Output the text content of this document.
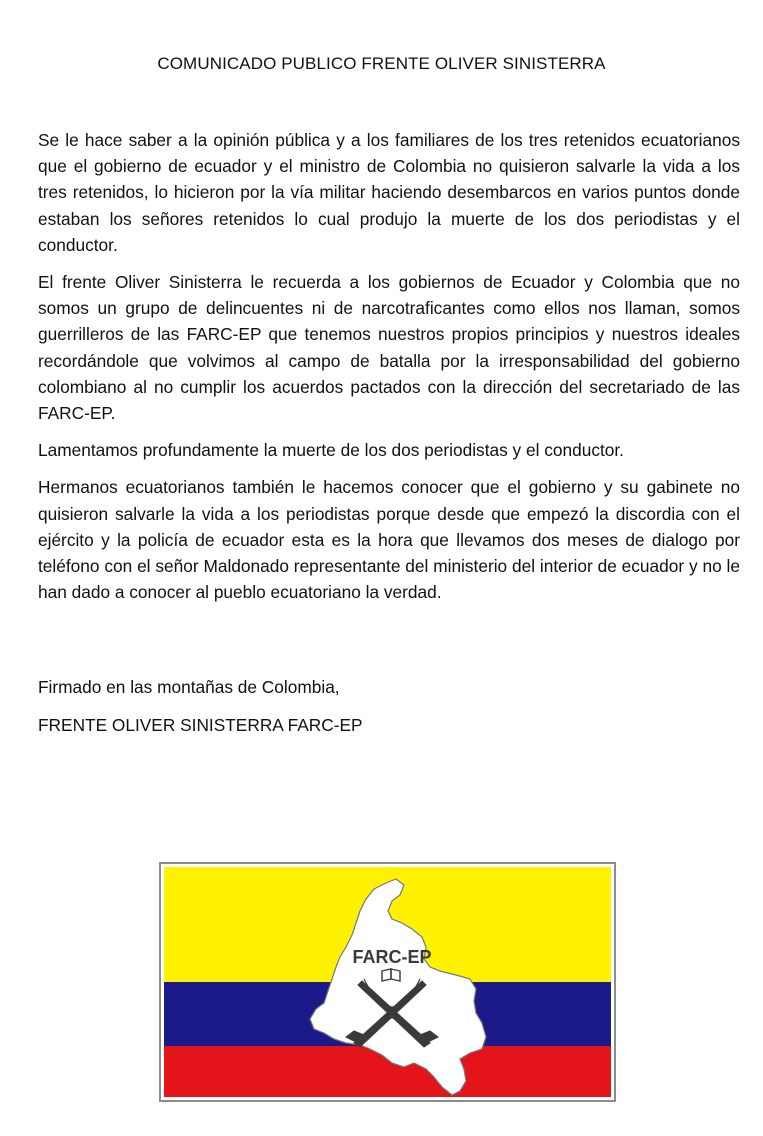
COMUNICADO PUBLICO FRENTE OLIVER SINISTERRA

Se le hace saber a la opinión pública y a los familiares de los tres retenidos ecuatorianos que el gobierno de ecuador y el ministro de Colombia no quisieron salvarle la vida a los tres retenidos, lo hicieron por la vía militar haciendo desembarcos en varios puntos donde estaban los señores retenidos lo cual produjo la muerte de los dos periodistas y el conductor.

El frente Oliver Sinisterra le recuerda a los gobiernos de Ecuador y Colombia que no somos un grupo de delincuentes ni de narcotraficantes como ellos nos llaman, somos guerrilleros de las FARC-EP que tenemos nuestros propios principios y nuestros ideales recordándole que volvimos al campo de batalla por la irresponsabilidad del gobierno colombiano al no cumplir los acuerdos pactados con la dirección del secretariado de las FARC-EP.

Lamentamos profundamente la muerte de los dos periodistas y el conductor.

Hermanos ecuatorianos también le hacemos conocer que el gobierno y su gabinete no quisieron salvarle la vida a los periodistas porque desde que empezó la discordia con el ejército y la policía de ecuador esta es la hora que llevamos dos meses de dialogo por teléfono con el señor Maldonado representante del ministerio del interior de ecuador y no le han dado a conocer al pueblo ecuatoriano la verdad.

Firmado en las montañas de Colombia,

FRENTE OLIVER SINISTERRA FARC-EP

FARC-EP
